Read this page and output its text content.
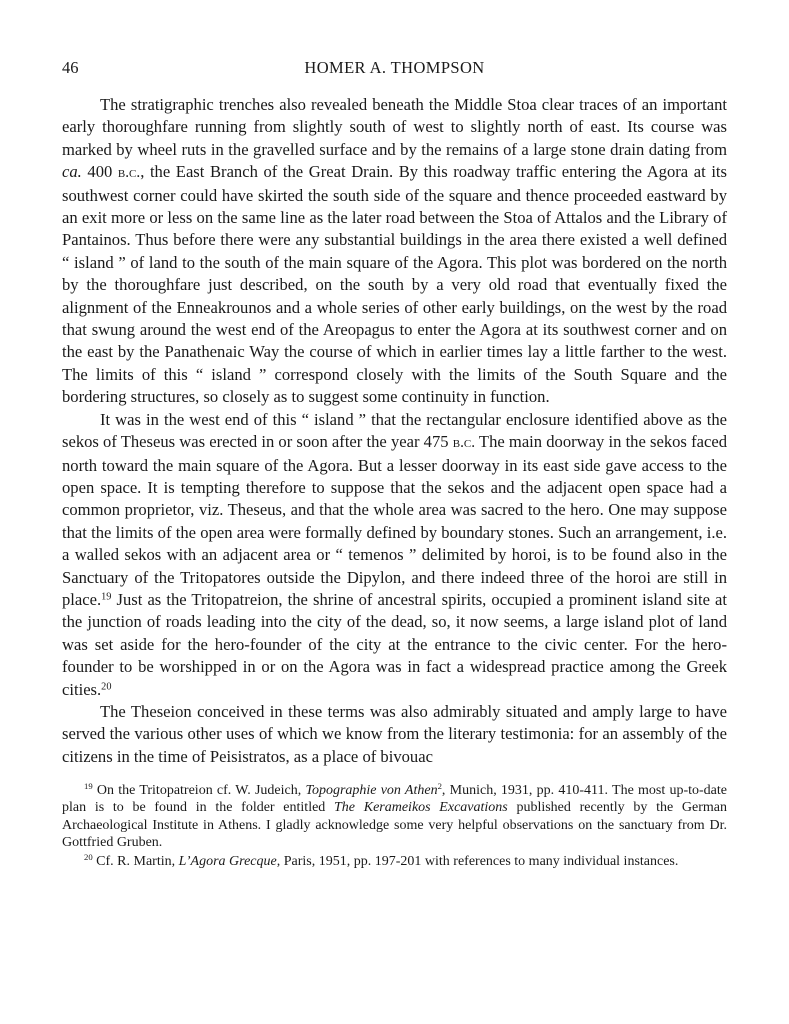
46	HOMER A. THOMPSON

The stratigraphic trenches also revealed beneath the Middle Stoa clear traces of an important early thoroughfare running from slightly south of west to slightly north of east. Its course was marked by wheel ruts in the gravelled surface and by the remains of a large stone drain dating from ca. 400 b.c., the East Branch of the Great Drain. By this roadway traffic entering the Agora at its southwest corner could have skirted the south side of the square and thence proceeded eastward by an exit more or less on the same line as the later road between the Stoa of Attalos and the Library of Pantainos. Thus before there were any substantial buildings in the area there existed a well defined “ island ” of land to the south of the main square of the Agora. This plot was bordered on the north by the thoroughfare just described, on the south by a very old road that eventually fixed the alignment of the Enneakrounos and a whole series of other early buildings, on the west by the road that swung around the west end of the Areopagus to enter the Agora at its southwest corner and on the east by the Panathenaic Way the course of which in earlier times lay a little farther to the west. The limits of this “ island ” correspond closely with the limits of the South Square and the bordering structures, so closely as to suggest some continuity in function.

It was in the west end of this “ island ” that the rectangular enclosure identified above as the sekos of Theseus was erected in or soon after the year 475 b.c. The main doorway in the sekos faced north toward the main square of the Agora. But a lesser doorway in its east side gave access to the open space. It is tempting therefore to suppose that the sekos and the adjacent open space had a common proprietor, viz. Theseus, and that the whole area was sacred to the hero. One may suppose that the limits of the open area were formally defined by boundary stones. Such an arrangement, i.e. a walled sekos with an adjacent area or “ temenos ” delimited by horoi, is to be found also in the Sanctuary of the Tritopatores outside the Dipylon, and there indeed three of the horoi are still in place.$^{19}$ Just as the Tritopatreion, the shrine of ancestral spirits, occupied a prominent island site at the junction of roads leading into the city of the dead, so, it now seems, a large island plot of land was set aside for the hero-founder of the city at the entrance to the civic center. For the hero-founder to be worshipped in or on the Agora was in fact a widespread practice among the Greek cities.$^{20}$

The Theseion conceived in these terms was also admirably situated and amply large to have served the various other uses of which we know from the literary testimonia: for an assembly of the citizens in the time of Peisistratos, as a place of bivouac

$^{19}$ On the Tritopatreion cf. W. Judeich, Topographie von Athen$^2$, Munich, 1931, pp. 410-411. The most up-to-date plan is to be found in the folder entitled The Kerameikos Excavations published recently by the German Archaeological Institute in Athens. I gladly acknowledge some very helpful observations on the sanctuary from Dr. Gottfried Gruben.

$^{20}$ Cf. R. Martin, L’Agora Grecque, Paris, 1951, pp. 197-201 with references to many individual instances.
